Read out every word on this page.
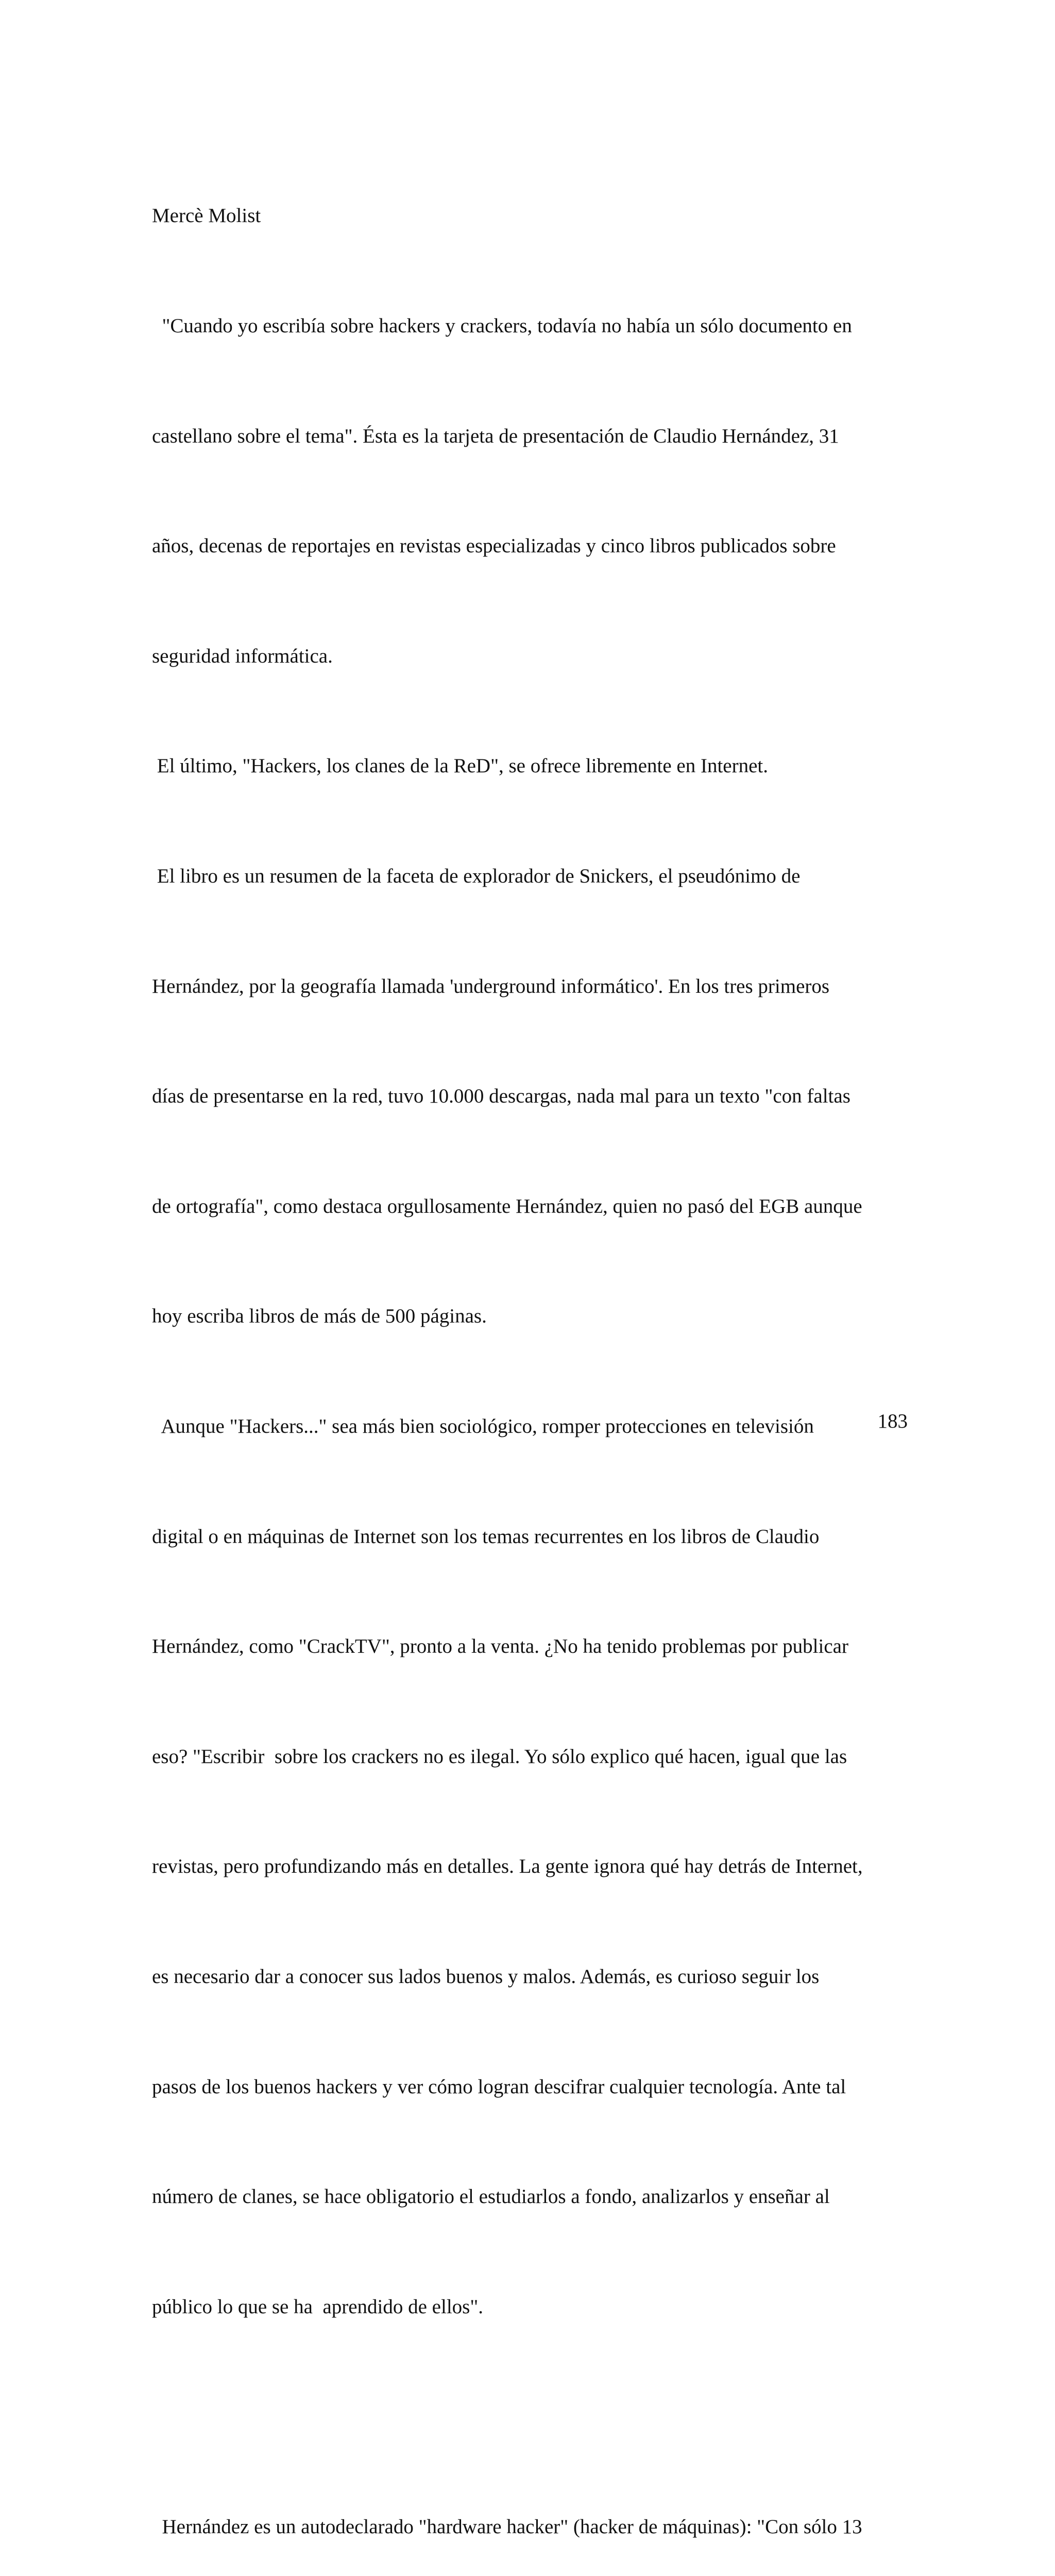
Mercè Molist

"Cuando yo escribía sobre hackers y crackers, todavía no había un sólo documento en

castellano sobre el tema". Ésta es la tarjeta de presentación de Claudio Hernández, 31

años, decenas de reportajes en revistas especializadas y cinco libros publicados sobre

seguridad informática.

El último, "Hackers, los clanes de la ReD", se ofrece libremente en Internet.

El libro es un resumen de la faceta de explorador de Snickers, el pseudónimo de

Hernández, por la geografía llamada 'underground informático'. En los tres primeros

días de presentarse en la red, tuvo 10.000 descargas, nada mal para un texto "con faltas

de ortografía", como destaca orgullosamente Hernández, quien no pasó del EGB aunque

hoy escriba libros de más de 500 páginas.

Aunque "Hackers..." sea más bien sociológico, romper protecciones en televisión

digital o en máquinas de Internet son los temas recurrentes en los libros de Claudio

Hernández, como "CrackTV", pronto a la venta. ¿No ha tenido problemas por publicar

eso? "Escribir  sobre los crackers no es ilegal. Yo sólo explico qué hacen, igual que las

revistas, pero profundizando más en detalles. La gente ignora qué hay detrás de Internet,

es necesario dar a conocer sus lados buenos y malos. Además, es curioso seguir los

pasos de los buenos hackers y ver cómo logran descifrar cualquier tecnología. Ante tal

número de clanes, se hace obligatorio el estudiarlos a fondo, analizarlos y enseñar al

público lo que se ha  aprendido de ellos".

Hernández es un autodeclarado "hardware hacker" (hacker de máquinas): "Con sólo 13

183
